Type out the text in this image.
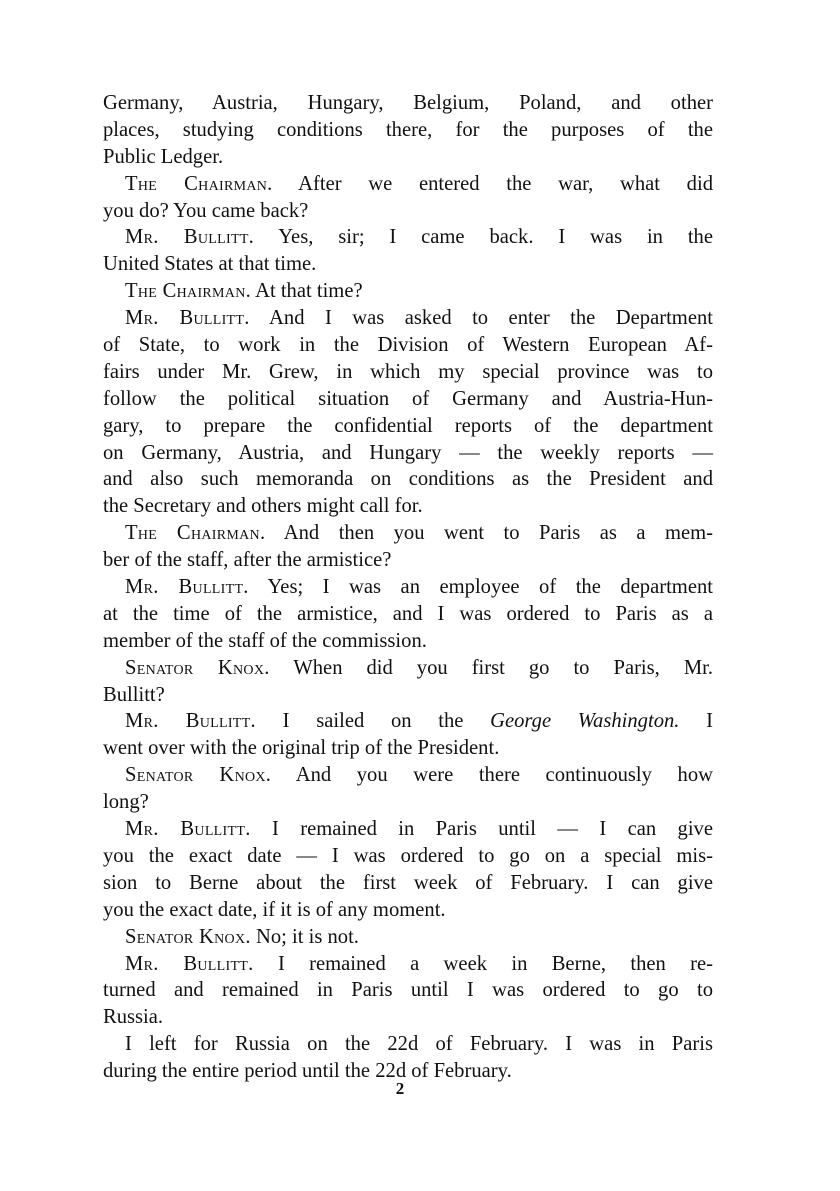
Germany, Austria, Hungary, Belgium, Poland, and other
places, studying conditions there, for the purposes of the
Public Ledger.
The Chairman. After we entered the war, what did
you do? You came back?
Mr. Bullitt. Yes, sir; I came back. I was in the
United States at that time.
The Chairman. At that time?
Mr. Bullitt. And I was asked to enter the Department
of State, to work in the Division of Western European Af-
fairs under Mr. Grew, in which my special province was to
follow the political situation of Germany and Austria-Hun-
gary, to prepare the confidential reports of the department
on Germany, Austria, and Hungary — the weekly reports —
and also such memoranda on conditions as the President and
the Secretary and others might call for.
The Chairman. And then you went to Paris as a mem-
ber of the staff, after the armistice?
Mr. Bullitt. Yes; I was an employee of the department
at the time of the armistice, and I was ordered to Paris as a
member of the staff of the commission.
Senator Knox. When did you first go to Paris, Mr.
Bullitt?
Mr. Bullitt. I sailed on the George Washington. I
went over with the original trip of the President.
Senator Knox. And you were there continuously how
long?
Mr. Bullitt. I remained in Paris until — I can give
you the exact date — I was ordered to go on a special mis-
sion to Berne about the first week of February. I can give
you the exact date, if it is of any moment.
Senator Knox. No; it is not.
Mr. Bullitt. I remained a week in Berne, then re-
turned and remained in Paris until I was ordered to go to
Russia.
I left for Russia on the 22d of February. I was in Paris
during the entire period until the 22d of February.
2
